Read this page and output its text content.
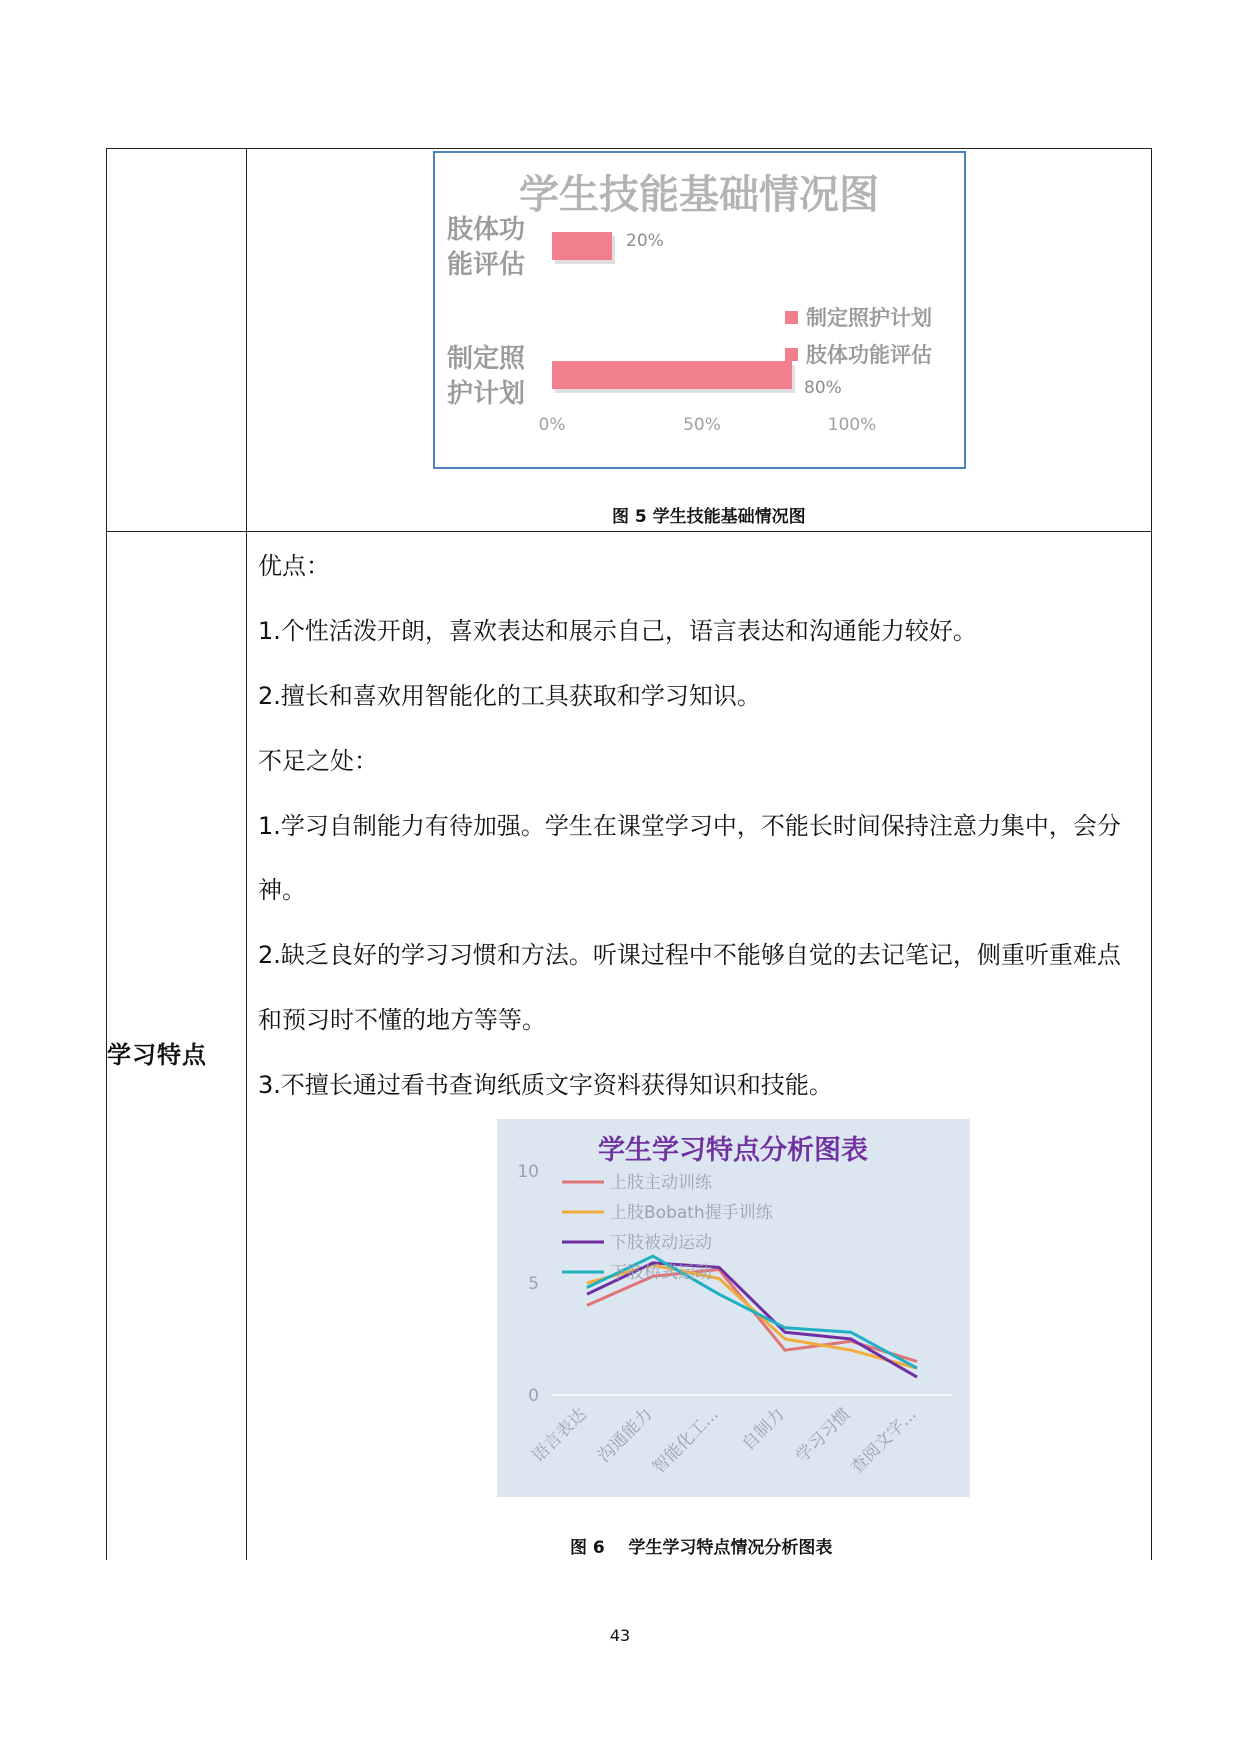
学生技能基础情况图
肢体功
能评估
制定照
护计划
20%
80%
0%	50%	100%
制定照护计划
肢体功能评估
图 5 学生技能基础情况图
学习特点
优点：
1.个性活泼开朗，喜欢表达和展示自己，语言表达和沟通能力较好。
2.擅长和喜欢用智能化的工具获取和学习知识。
不足之处：
1.学习自制能力有待加强。学生在课堂学习中，不能长时间保持注意力集中，会分
神。
2.缺乏良好的学习习惯和方法。听课过程中不能够自觉的去记笔记，侧重听重难点
和预习时不懂的地方等等。
3.不擅长通过看书查询纸质文字资料获得知识和技能。
学生学习特点分析图表
0
5
10
语言表达 沟通能力
智能化工... 自制力 学习习惯
查阅文字...
上肢主动训练
上肢Bobath握手训练
下肢被动运动
下肢桥式运动
图 6    学生学习特点情况分析图表
43
